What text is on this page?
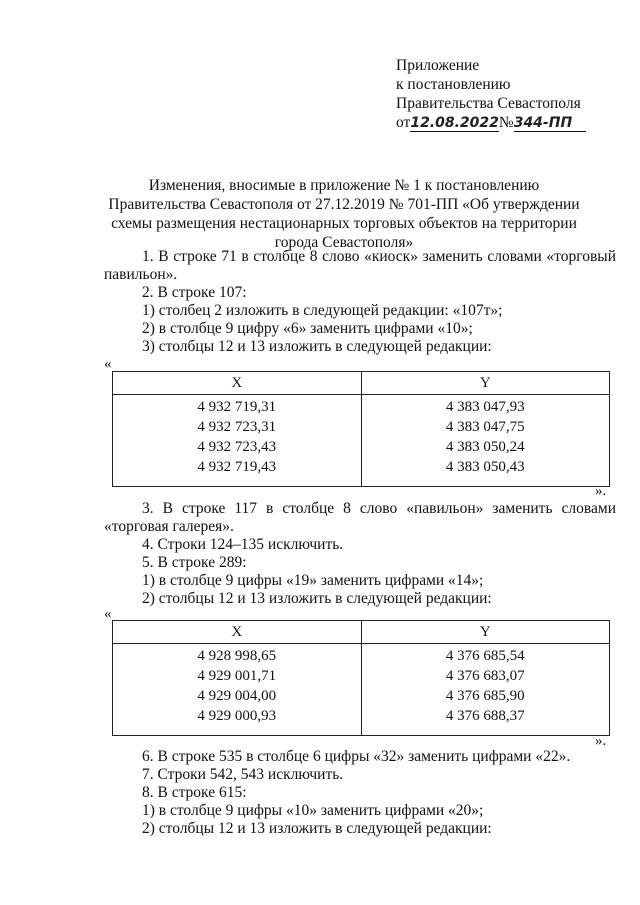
Приложение
к постановлению
Правительства Севастополя
от12.08.2022№344-ПП
Изменения, вносимые в приложение № 1 к постановлению Правительства Севастополя от 27.12.2019 № 701-ПП «Об утверждении схемы размещения нестационарных торговых объектов на территории города Севастополя»

1. В строке 71 в столбце 8 слово «киоск» заменить словами «торговый

павильон».

2. В строке 107:

1) столбец 2 изложить в следующей редакции: «107т»;

2) в столбце 9 цифру «6» заменить цифрами «10»;

3) столбцы 12 и 13 изложить в следующей редакции:

«
X	Y
4 932 719,31	4 383 047,93
4 932 723,31	4 383 047,75
4 932 723,43	4 383 050,24
4 932 719,43	4 383 050,43
».

3. В строке 117 в столбце 8 слово «павильон» заменить словами

«торговая галерея».

4. Строки 124–135 исключить.

5. В строке 289:

1) в столбце 9 цифры «19» заменить цифрами «14»;

2) столбцы 12 и 13 изложить в следующей редакции:

«
X	Y
4 928 998,65	4 376 685,54
4 929 001,71	4 376 683,07
4 929 004,00	4 376 685,90
4 929 000,93	4 376 688,37
».

6. В строке 535 в столбце 6 цифры «32» заменить цифрами «22».

7. Строки 542, 543 исключить.

8. В строке 615:

1) в столбце 9 цифры «10» заменить цифрами «20»;

2) столбцы 12 и 13 изложить в следующей редакции:
